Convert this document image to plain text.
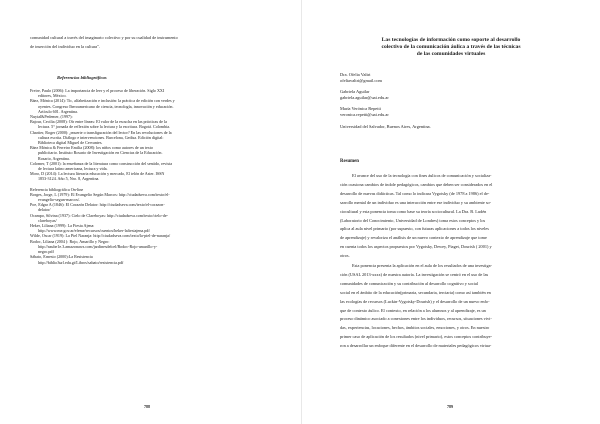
comunidad cultural a través del imaginario colectivo y por su cualidad de instrumento

de inserción del individuo en la cultura".

Referencias bibliográficas

Freire, Paulo (2006): La importancia de leer y el proceso de liberación. Siglo XXI
editores, México.
Báez, Mónica (2014): Tic, alfabetización e inclusión: la práctica de edición con verdes y
oyentes. Congreso Iberoamericano de ciencia, tecnología, innovación y educación.
Artículo 601. Argentina.
Nuytal&Pedemer, (1997):
Bajour, Cecilia (2008): Oír entre líneas: El valor de la escucha en las prácticas de la
lectura. 5° jornada de reflexión sobre la lectura y la escritura. Bogotá. Colombia.
Chartier, Roger (2000): ¿muerte o transfiguración del lector? En las revoluciones de la
cultura escrita. Diálogo e intervenciones. Barcelona, Gedisa. Edición digital:
Biblioteca digital Miguel de Cervantes.
Báez Mónica & Ferreiro Emilia (2008): los niños como autores de un texto
publicitario. Instituto Rosario de Investigación en Ciencias de la Educación.
Rosario, Argentina.
Colomer, T (2001): la enseñanza de la literatura como construcción del sentido, revista
de lectura latino americana, lectura y vida.
Moro, D (2014): La lectura literaria educación y mercado, El telón de Aster. ISSN
1853-3124. Año 5, Nro. 8, Argentina.
Referencia bibliográfica On-line
Borges, Jorge, L (1979): El Evangelio Según Marcos: http://ciudadseva.com/texto/el-
evangelio-segun-marcos/.
Poe, Edgar A (1846): El Corazón Delator: http://ciudadseva.com/texto/el-corazon-
delator/
Ocampo, Silvina (1937): Cielo de Clareboyas: http://ciudadseva.com/texto/cielo-de-
clareboyas/
Heker, Liliana (1999): La Fiesta Ajena:
http://www.me.gov.ar/efeme/recursos/cuentos/heker-lafiestajena.pdf
Wilde, Oscar (1919): La Piel Naranja: http://ciudadseva.com/texto/la-piel-de-naranja/
Bodoc, Liliana (2004 ): Rojo, Amarillo y Negro:
http://azube1e.3.amazonaws.com/jardinesdelcel/Bodoc-Rojo-amarillo-y-
negro.pdf
Sábato, Ernesto (2000):La Resistencia
http://biblio3url.edu.gt/Libros/sabato/resistencia.pdf

788

Las tecnologías de información como soporte al desarrollo
colectivo de la comunicación áulica a través de las técnicas
de las comunidades virtuales
Dra. Ofelia Valtri
ofeliavaltri@gmail.com
Gabriela Aguilar
gabriela.aguilar@uai.edu.ar
María Verónica Repetti
veronica.repetti@uai.edu.ar
Universidad del Salvador, Buenos Aires, Argentina.

Resumen

El avance del uso de la tecnología con fines áulicos de comunicación y socializa-
ción ocasiona cambios de índole pedagógicos, cambios que deben ser considerados en el
desarrollo de nuevas didácticas. Tal como lo indicara Vygotsky (de 1978 a 1986) el de-
sarrollo mental de un individuo es una interacción entre ese individuo y su ambiente so-
ciocultural y esta ponencia toma como base su teoría sociocultural. La Dra. B. Ludén
(Laboratorio del Conocimiento, Universidad de Londres) toma estos conceptos y los
aplica al aula nivel primario (por supuesto, con futuras aplicaciones a todos los niveles
de aprendizaje) y revaloriza el análisis de un nuevo contexto de aprendizaje que tome
en cuenta todos los aspectos propuestos por Vygotsky, Dewey, Piaget, Dourish ( 2001) y
otros.
Esta ponencia presenta la aplicación en el aula de los resultados de una investiga-
ción (USAL 2013-xxxx) de nuestra autoría. La investigación se centró en el uso de las
comunidades de comunicación y su contribución al desarrollo cognitivo y social
social en el ámbito de la educación(primaria, secundaria, terciaria) como así también en
las ecologías de recursos (Luckin-Vygotsky-Dourish) y el desarrollo de un nuevo enfo-
que de contexto áulico. El contexto, en relación a los alumnos y al aprendizaje, es un
proceso dinámico asociado a conexiones entre los individuos, recursos, situaciones vivi-
das, experiencias, locaciones, hechos, ámbitos sociales, emociones, y otros. En nuestro
primer caso de aplicación de los resultados (nivel primario), estos conceptos contribuye-
ron a desarrollar un enfoque diferente en el desarrollo de materiales pedagógicos virtua-

789
